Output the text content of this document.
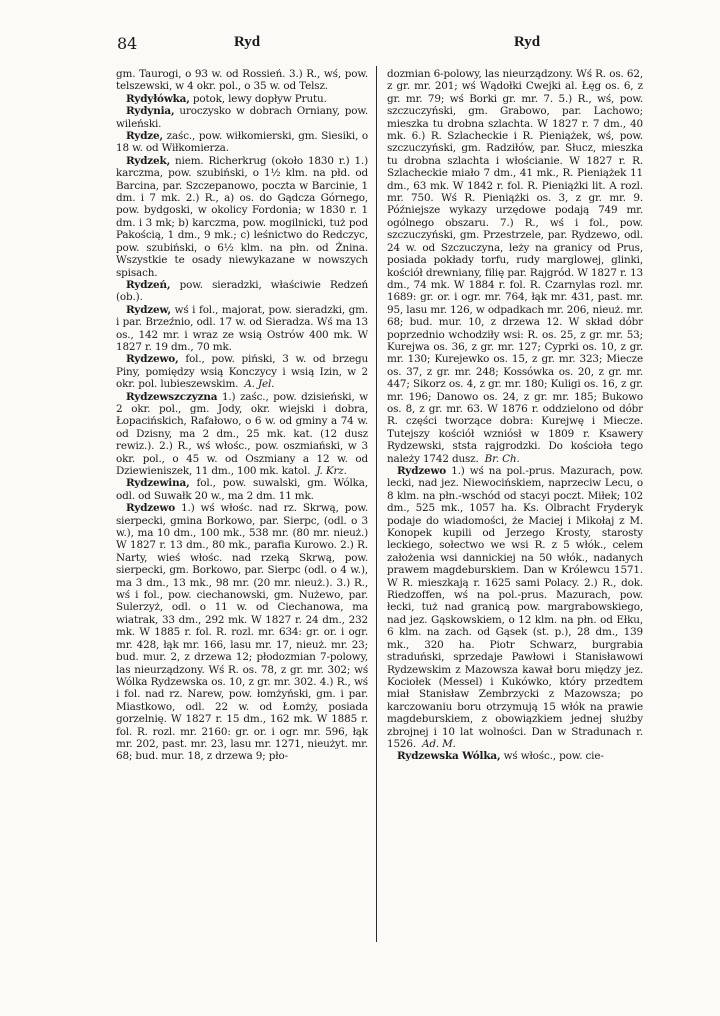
84	Ryd	Ryd

gm. Taurogi, o 93 w. od Rossień. 3.) R., wś, pow. telszewski, w 4 okr. pol., o 35 w. od Telsz.

Rydyłówka, potok, lewy dopływ Prutu.

Rydynia, uroczysko w dobrach Orniany, pow. wileński.

Rydze, zaśc., pow. wiłkomierski, gm. Siesiki, o 18 w. od Wiłkomierza.

Rydzek, niem. Richerkrug (około 1830 r.) 1.) karczma, pow. szubiński, o 1½ klm. na płd. od Barcina, par. Szczepanowo, poczta w Barcinie, 1 dm. i 7 mk. 2.) R., a) os. do Gądcza Górnego, pow. bydgoski, w okolicy Fordonia; w 1830 r. 1 dm. i 3 mk; b) karczma, pow. mogilnicki, tuż pod Pakością, 1 dm., 9 mk.; c) leśnictwo do Redczyc, pow. szubiński, o 6½ klm. na płn. od Żnina. Wszystkie te osady niewykazane w nowszych spisach.

Rydzeń, pow. sieradzki, właściwie Redzeń (ob.).

Rydzew, wś i fol., majorat, pow. sieradzki, gm. i par. Brzeźnio, odl. 17 w. od Sieradza. Wś ma 13 os., 142 mr. i wraz ze wsią Ostrów 400 mk. W 1827 r. 19 dm., 70 mk.

Rydzewo, fol., pow. piński, 3 w. od brzegu Piny, pomiędzy wsią Konczycy i wsią Izin, w 2 okr. pol. lubieszewskim. A. Jel.

Rydzewszczyzna 1.) zaśc., pow. dzisieński, w 2 okr. pol., gm. Jody, okr. wiejski i dobra, Łopacińskich, Rafałowo, o 6 w. od gminy a 74 w. od Dzisny, ma 2 dm., 25 mk. kat. (12 dusz rewiz.). 2.) R., wś włośc., pow. oszmiański, w 3 okr. pol., o 45 w. od Oszmiany a 12 w. od Dziewieniszek, 11 dm., 100 mk. katol. J. Krz.

Rydzewina, fol., pow. suwalski, gm. Wólka, odl. od Suwałk 20 w., ma 2 dm. 11 mk.

Rydzewo 1.) wś włośc. nad rz. Skrwą, pow. sierpecki, gmina Borkowo, par. Sierpc, (odl. o 3 w.), ma 10 dm., 100 mk., 538 mr. (80 mr. nieuż.) W 1827 r. 13 dm., 80 mk., parafia Kurowo. 2.) R. Narty, wieś włośc. nad rzeką Skrwą, pow. sierpecki, gm. Borkowo, par. Sierpc (odl. o 4 w.), ma 3 dm., 13 mk., 98 mr. (20 mr. nieuż.). 3.) R., wś i fol., pow. ciechanowski, gm. Nużewo, par. Sulerzyż, odl. o 11 w. od Ciechanowa, ma wiatrak, 33 dm., 292 mk. W 1827 r. 24 dm., 232 mk. W 1885 r. fol. R. rozl. mr. 634: gr. or. i ogr. mr. 428, łąk mr. 166, lasu mr. 17, nieuż. mr. 23; bud. mur. 2, z drzewa 12; płodozmian 7-polowy, las nieurządzony. Wś R. os. 78, z gr. mr. 302; wś Wólka Rydzewska os. 10, z gr. mr. 302. 4.) R., wś i fol. nad rz. Narew, pow. łomżyński, gm. i par. Miastkowo, odl. 22 w. od Łomży, posiada gorzelnię. W 1827 r. 15 dm., 162 mk. W 1885 r. fol. R. rozl. mr. 2160: gr. or. i ogr. mr. 596, łąk mr. 202, past. mr. 23, lasu mr. 1271, nieużyt. mr. 68; bud. mur. 18, z drzewa 9; pło-

dozmian 6-polowy, las nieurządzony. Wś R. os. 62, z gr. mr. 201; wś Wądołki Cwejki al. Łęg os. 6, z gr. mr. 79; wś Borki gr. mr. 7. 5.) R., wś, pow. szczuczyński, gm. Grabowo, par. Lachowo; mieszka tu drobna szlachta. W 1827 r. 7 dm., 40 mk. 6.) R. Szlacheckie i R. Pieniążek, wś, pow. szczuczyński, gm. Radziłów, par. Słucz, mieszka tu drobna szlachta i włościanie. W 1827 r. R. Szlacheckie miało 7 dm., 41 mk., R. Pieniążek 11 dm., 63 mk. W 1842 r. fol. R. Pieniążki lit. A rozl. mr. 750. Wś R. Pieniążki os. 3, z gr. mr. 9. Późniejsze wykazy urzędowe podają 749 mr. ogólnego obszaru. 7.) R., wś i fol., pow. szczuczyński, gm. Przestrzele, par. Rydzewo, odl. 24 w. od Szczuczyna, leży na granicy od Prus, posiada pokłady torfu, rudy marglowej, glinki, kościół drewniany, filię par. Rajgród. W 1827 r. 13 dm., 74 mk. W 1884 r. fol. R. Czarnylas rozl. mr. 1689: gr. or. i ogr. mr. 764, łąk mr. 431, past. mr. 95, lasu mr. 126, w odpadkach mr. 206, nieuż. mr. 68; bud. mur. 10, z drzewa 12. W skład dóbr poprzednio wchodziły wsi: R. os. 25, z gr. mr. 53; Kurejwa os. 36, z gr. mr. 127; Cyprki os. 10, z gr. mr. 130; Kurejewko os. 15, z gr. mr. 323; Miecze os. 37, z gr. mr. 248; Kossówka os. 20, z gr. mr. 447; Sikorz os. 4, z gr. mr. 180; Kuligi os. 16, z gr. mr. 196; Danowo os. 24, z gr. mr. 185; Bukowo os. 8, z gr. mr. 63. W 1876 r. oddzielono od dóbr R. części tworzące dobra: Kurejwę i Miecze. Tutejszy kościół wzniósł w 1809 r. Ksawery Rydzewski, ststa rajgrodzki. Do kościoła tego należy 1742 dusz. Br. Ch.

Rydzewo 1.) wś na pol.-prus. Mazurach, pow. lecki, nad jez. Niewocińskiem, naprzeciw Lecu, o 8 klm. na płn.-wschód od stacyi poczt. Miłek; 102 dm., 525 mk., 1057 ha. Ks. Olbracht Fryderyk podaje do wiadomości, że Maciej i Mikołaj z M. Konopek kupili od Jerzego Krosty, starosty leckiego, sołectwo we wsi R. z 5 włók., celem założenia wsi dannickiej na 50 włók., nadanych prawem magdeburskiem. Dan w Królewcu 1571. W R. mieszkają r. 1625 sami Polacy. 2.) R., dok. Riedzoffen, wś na pol.-prus. Mazurach, pow. łecki, tuż nad granicą pow. margrabowskiego, nad jez. Gąskowskiem, o 12 klm. na płn. od Ełku, 6 klm. na zach. od Gąsek (st. p.), 28 dm., 139 mk., 320 ha. Piotr Schwarz, burgrabia straduński, sprzedaje Pawłowi i Stanisławowi Rydzewskim z Mazowsza kawał boru między jez. Kociołek (Messel) i Kukówko, który przedtem miał Stanisław Zembrzycki z Mazowsza; po karczowaniu boru otrzymują 15 włók na prawie magdeburskiem, z obowiązkiem jednej służby zbrojnej i 10 lat wolności. Dan w Stradunach r. 1526. Ad. M.

Rydzewska Wólka, wś włośc., pow. cie-
